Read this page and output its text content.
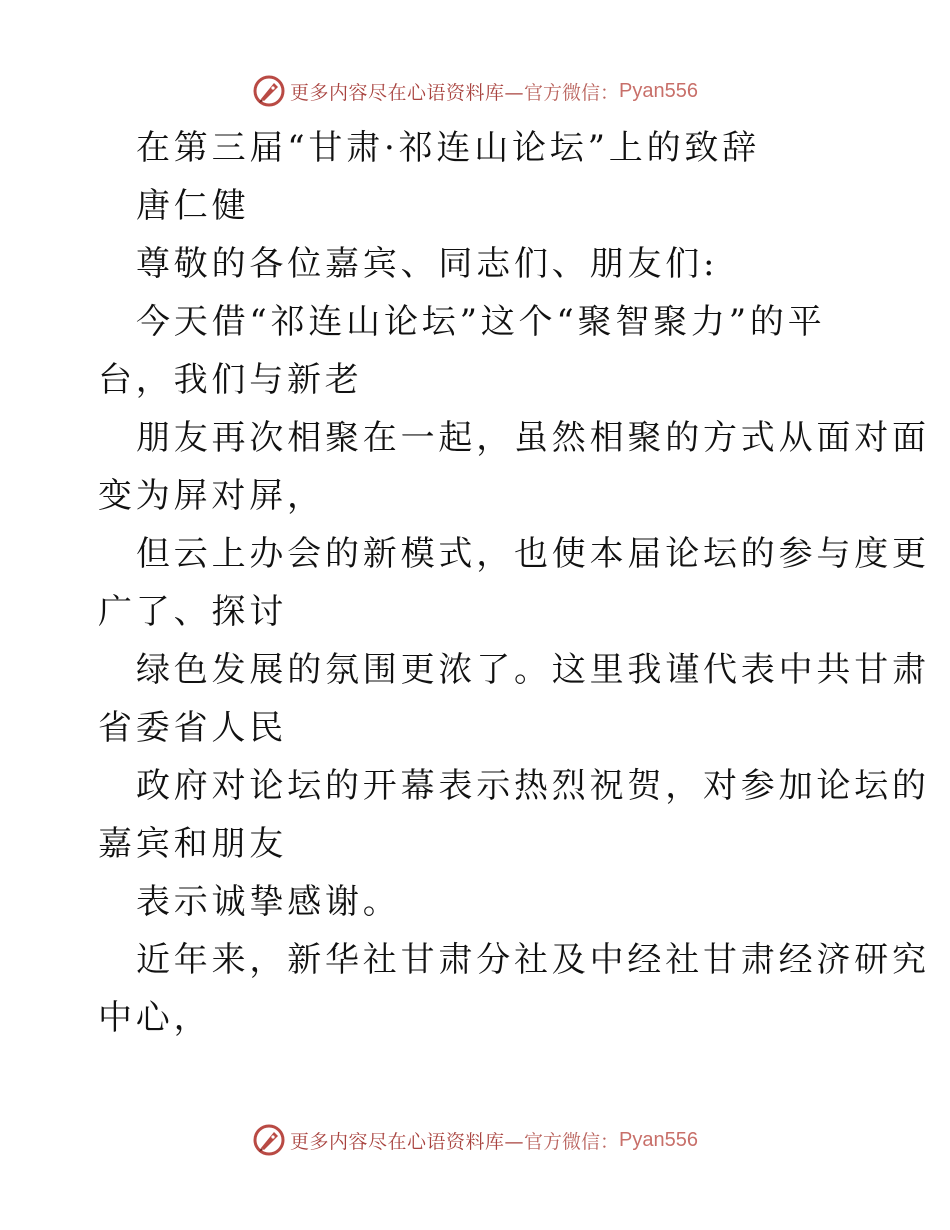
更多内容尽在心语资料库— 官方微信： Pyan556
在第三届“甘肃·祁连山论坛”上的致辞
唐仁健
尊敬的各位嘉宾、同志们、朋友们:
今天借“祁连山论坛”这个“聚智聚力”的平
台，我们与新老
朋友再次相聚在一起，虽然相聚的方式从面对面
变为屏对屏，
但云上办会的新模式，也使本届论坛的参与度更
广了、探讨
绿色发展的氛围更浓了。这里我谨代表中共甘肃
省委省人民
政府对论坛的开幕表示热烈祝贺，对参加论坛的
嘉宾和朋友
表示诚挚感谢。
近年来，新华社甘肃分社及中经社甘肃经济研究
中心，
更多内容尽在心语资料库— 官方微信： Pyan556
